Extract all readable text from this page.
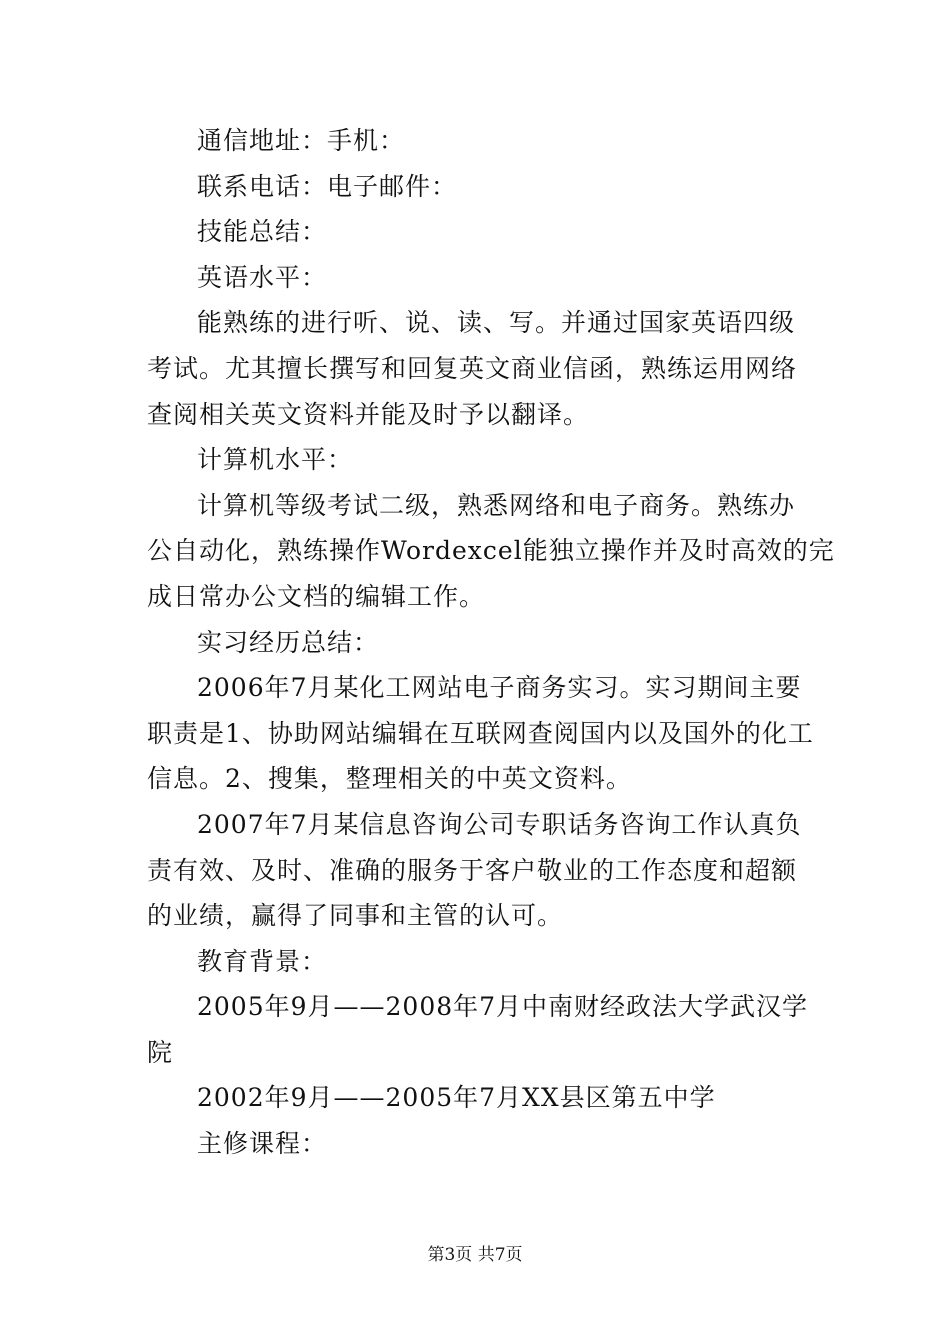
通信地址：手机：
联系电话：电子邮件：
技能总结：
英语水平：
能熟练的进行听、说、读、写。并通过国家英语四级
考试。尤其擅长撰写和回复英文商业信函，熟练运用网络
查阅相关英文资料并能及时予以翻译。
计算机水平：
计算机等级考试二级，熟悉网络和电子商务。熟练办
公自动化，熟练操作Wordexcel能独立操作并及时高效的完
成日常办公文档的编辑工作。
实习经历总结：
2006年7月某化工网站电子商务实习。实习期间主要
职责是1、协助网站编辑在互联网查阅国内以及国外的化工
信息。2、搜集，整理相关的中英文资料。
2007年7月某信息咨询公司专职话务咨询工作认真负
责有效、及时、准确的服务于客户敬业的工作态度和超额
的业绩，赢得了同事和主管的认可。
教育背景：
2005年9月——2008年7月中南财经政法大学武汉学
院
2002年9月——2005年7月XX县区第五中学
主修课程：
第3页 共7页
